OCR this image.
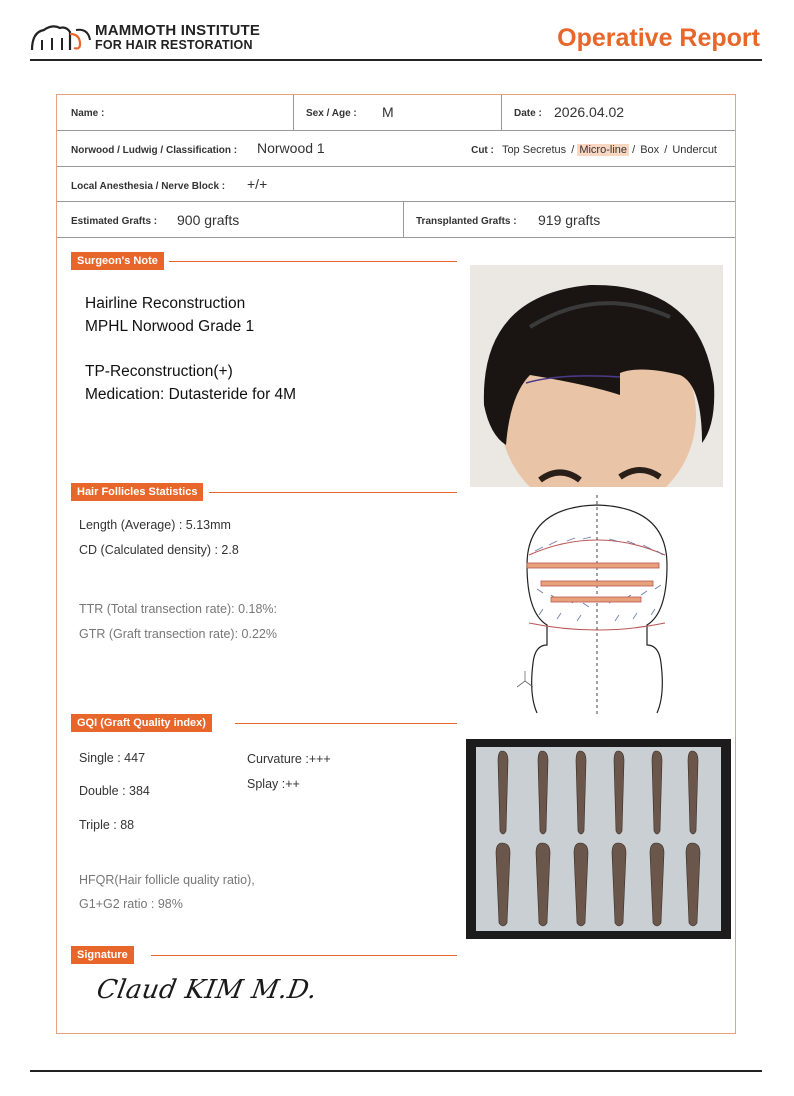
MAMMOTH INSTITUTE
FOR HAIR RESTORATION	Operative Report
Name :	Sex / Age : M	Date : 2026.04.02
Norwood / Ludwig / Classification : Norwood 1	Cut : Top Secretus / Micro-line / Box / Undercut
Local Anesthesia / Nerve Block : +/+
Estimated Grafts : 900 grafts	Transplanted Grafts : 919 grafts
Surgeon's Note
Hairline Reconstruction
MPHL Norwood Grade 1
TP-Reconstruction(+)
Medication: Dutasteride for 4M
Hair Follicles Statistics
Length (Average) : 5.13mm
CD (Calculated density) : 2.8
TTR (Total transection rate): 0.18%:
GTR (Graft transection rate): 0.22%
GQI (Graft Quality index)
Single : 447
Double : 384
Triple : 88
Curvature :+++
Splay :++
HFQR(Hair follicle quality ratio),
G1+G2 ratio : 98%
Signature
Claud KIM M.D.
